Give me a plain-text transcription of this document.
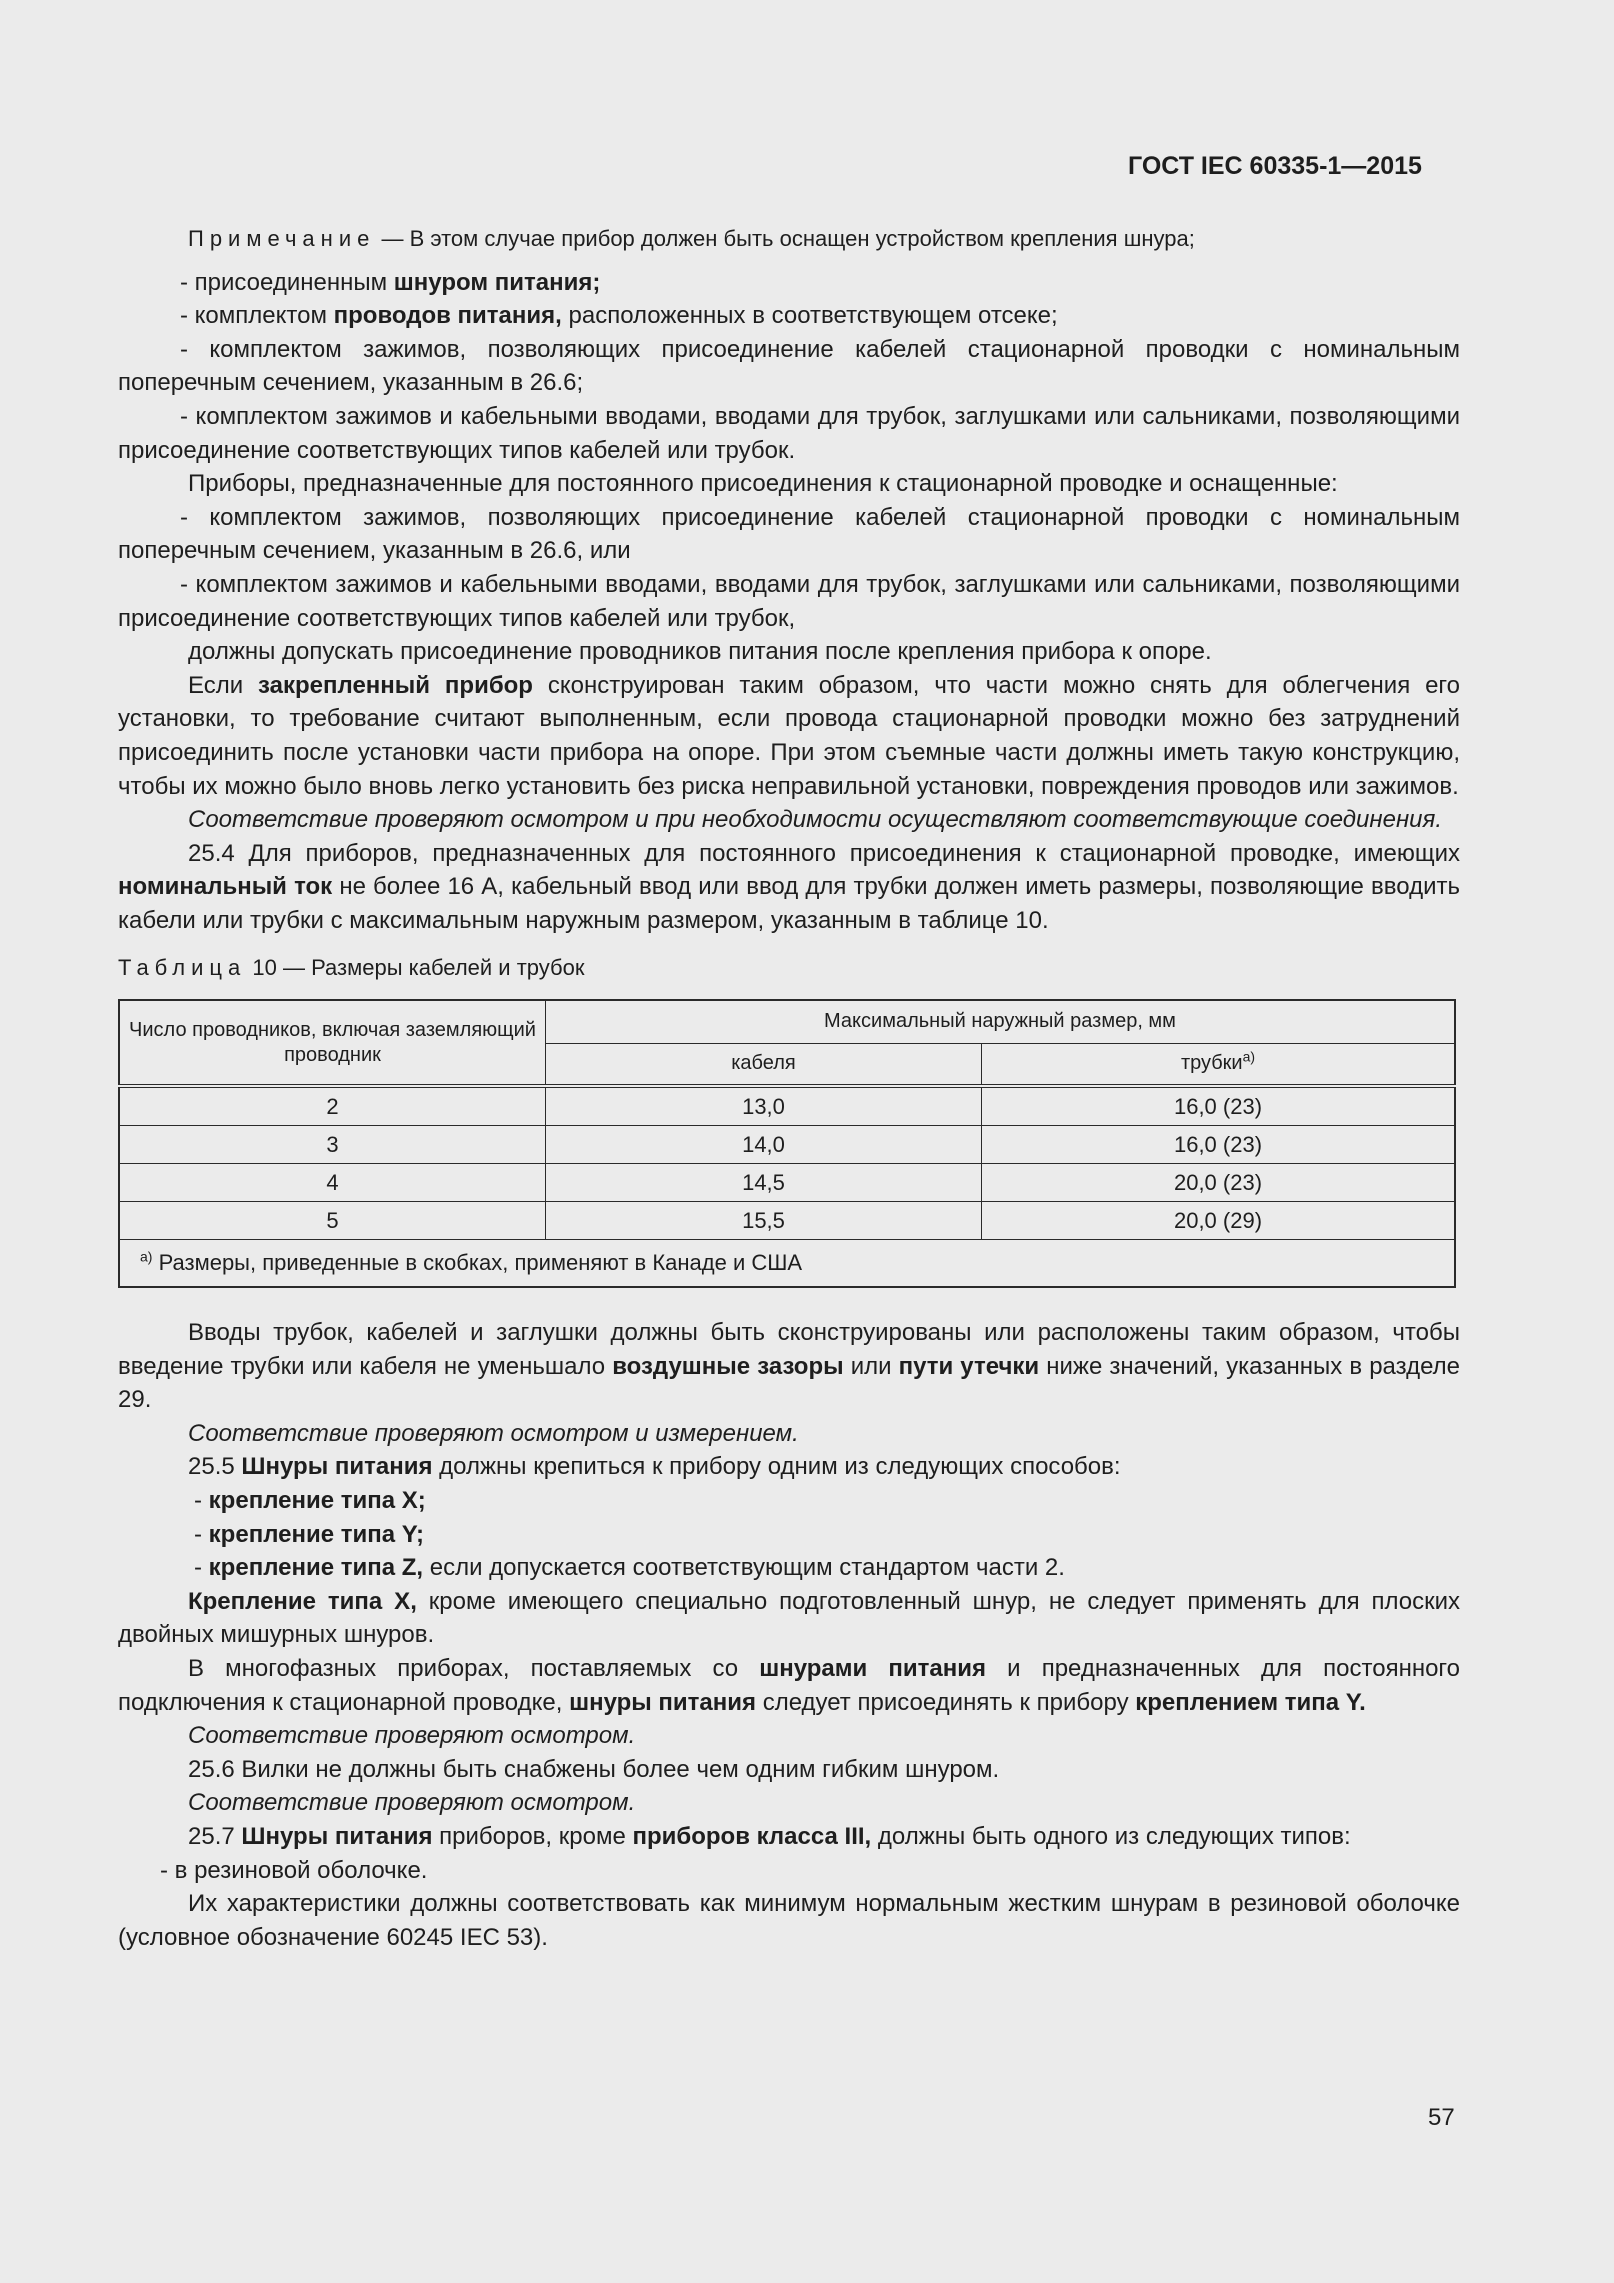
ГОСТ IEC 60335-1—2015

Примечание — В этом случае прибор должен быть оснащен устройством крепления шнура;

- присоединенным шнуром питания;

- комплектом проводов питания, расположенных в соответствующем отсеке;

- комплектом зажимов, позволяющих присоединение кабелей стационарной проводки с номинальным поперечным сечением, указанным в 26.6;

- комплектом зажимов и кабельными вводами, вводами для трубок, заглушками или сальниками, позволяющими присоединение соответствующих типов кабелей или трубок.

Приборы, предназначенные для постоянного присоединения к стационарной проводке и оснащенные:

- комплектом зажимов, позволяющих присоединение кабелей стационарной проводки с номинальным поперечным сечением, указанным в 26.6, или

- комплектом зажимов и кабельными вводами, вводами для трубок, заглушками или сальниками, позволяющими присоединение соответствующих типов кабелей или трубок,

должны допускать присоединение проводников питания после крепления прибора к опоре.

Если закрепленный прибор сконструирован таким образом, что части можно снять для облегчения его установки, то требование считают выполненным, если провода стационарной проводки можно без затруднений присоединить после установки части прибора на опоре. При этом съемные части должны иметь такую конструкцию, чтобы их можно было вновь легко установить без риска неправильной установки, повреждения проводов или зажимов.

Соответствие проверяют осмотром и при необходимости осуществляют соответствующие соединения.

25.4 Для приборов, предназначенных для постоянного присоединения к стационарной проводке, имеющих номинальный ток не более 16 А, кабельный ввод или ввод для трубки должен иметь размеры, позволяющие вводить кабели или трубки с максимальным наружным размером, указанным в таблице 10.

Таблица 10 — Размеры кабелей и трубок

Число проводников, включая заземляющий проводник	Максимальный наружный размер, мм	
	кабеля	трубки$^{a)}$
2	13,0	16,0 (23)
3	14,0	16,0 (23)
4	14,5	20,0 (23)
5	15,5	20,0 (29)
$^{a)}$ Размеры, приведенные в скобках, применяют в Канаде и США		

Вводы трубок, кабелей и заглушки должны быть сконструированы или расположены таким образом, чтобы введение трубки или кабеля не уменьшало воздушные зазоры или пути утечки ниже значений, указанных в разделе 29.

Соответствие проверяют осмотром и измерением.

25.5 Шнуры питания должны крепиться к прибору одним из следующих способов:

- крепление типа X;

- крепление типа Y;

- крепление типа Z, если допускается соответствующим стандартом части 2.

Крепление типа X, кроме имеющего специально подготовленный шнур, не следует применять для плоских двойных мишурных шнуров.

В многофазных приборах, поставляемых со шнурами питания и предназначенных для постоянного подключения к стационарной проводке, шнуры питания следует присоединять к прибору креплением типа Y.

Соответствие проверяют осмотром.

25.6 Вилки не должны быть снабжены более чем одним гибким шнуром.

Соответствие проверяют осмотром.

25.7 Шнуры питания приборов, кроме приборов класса III, должны быть одного из следующих типов:

- в резиновой оболочке.

Их характеристики должны соответствовать как минимум нормальным жестким шнурам в резиновой оболочке (условное обозначение 60245 IEC 53).

57
